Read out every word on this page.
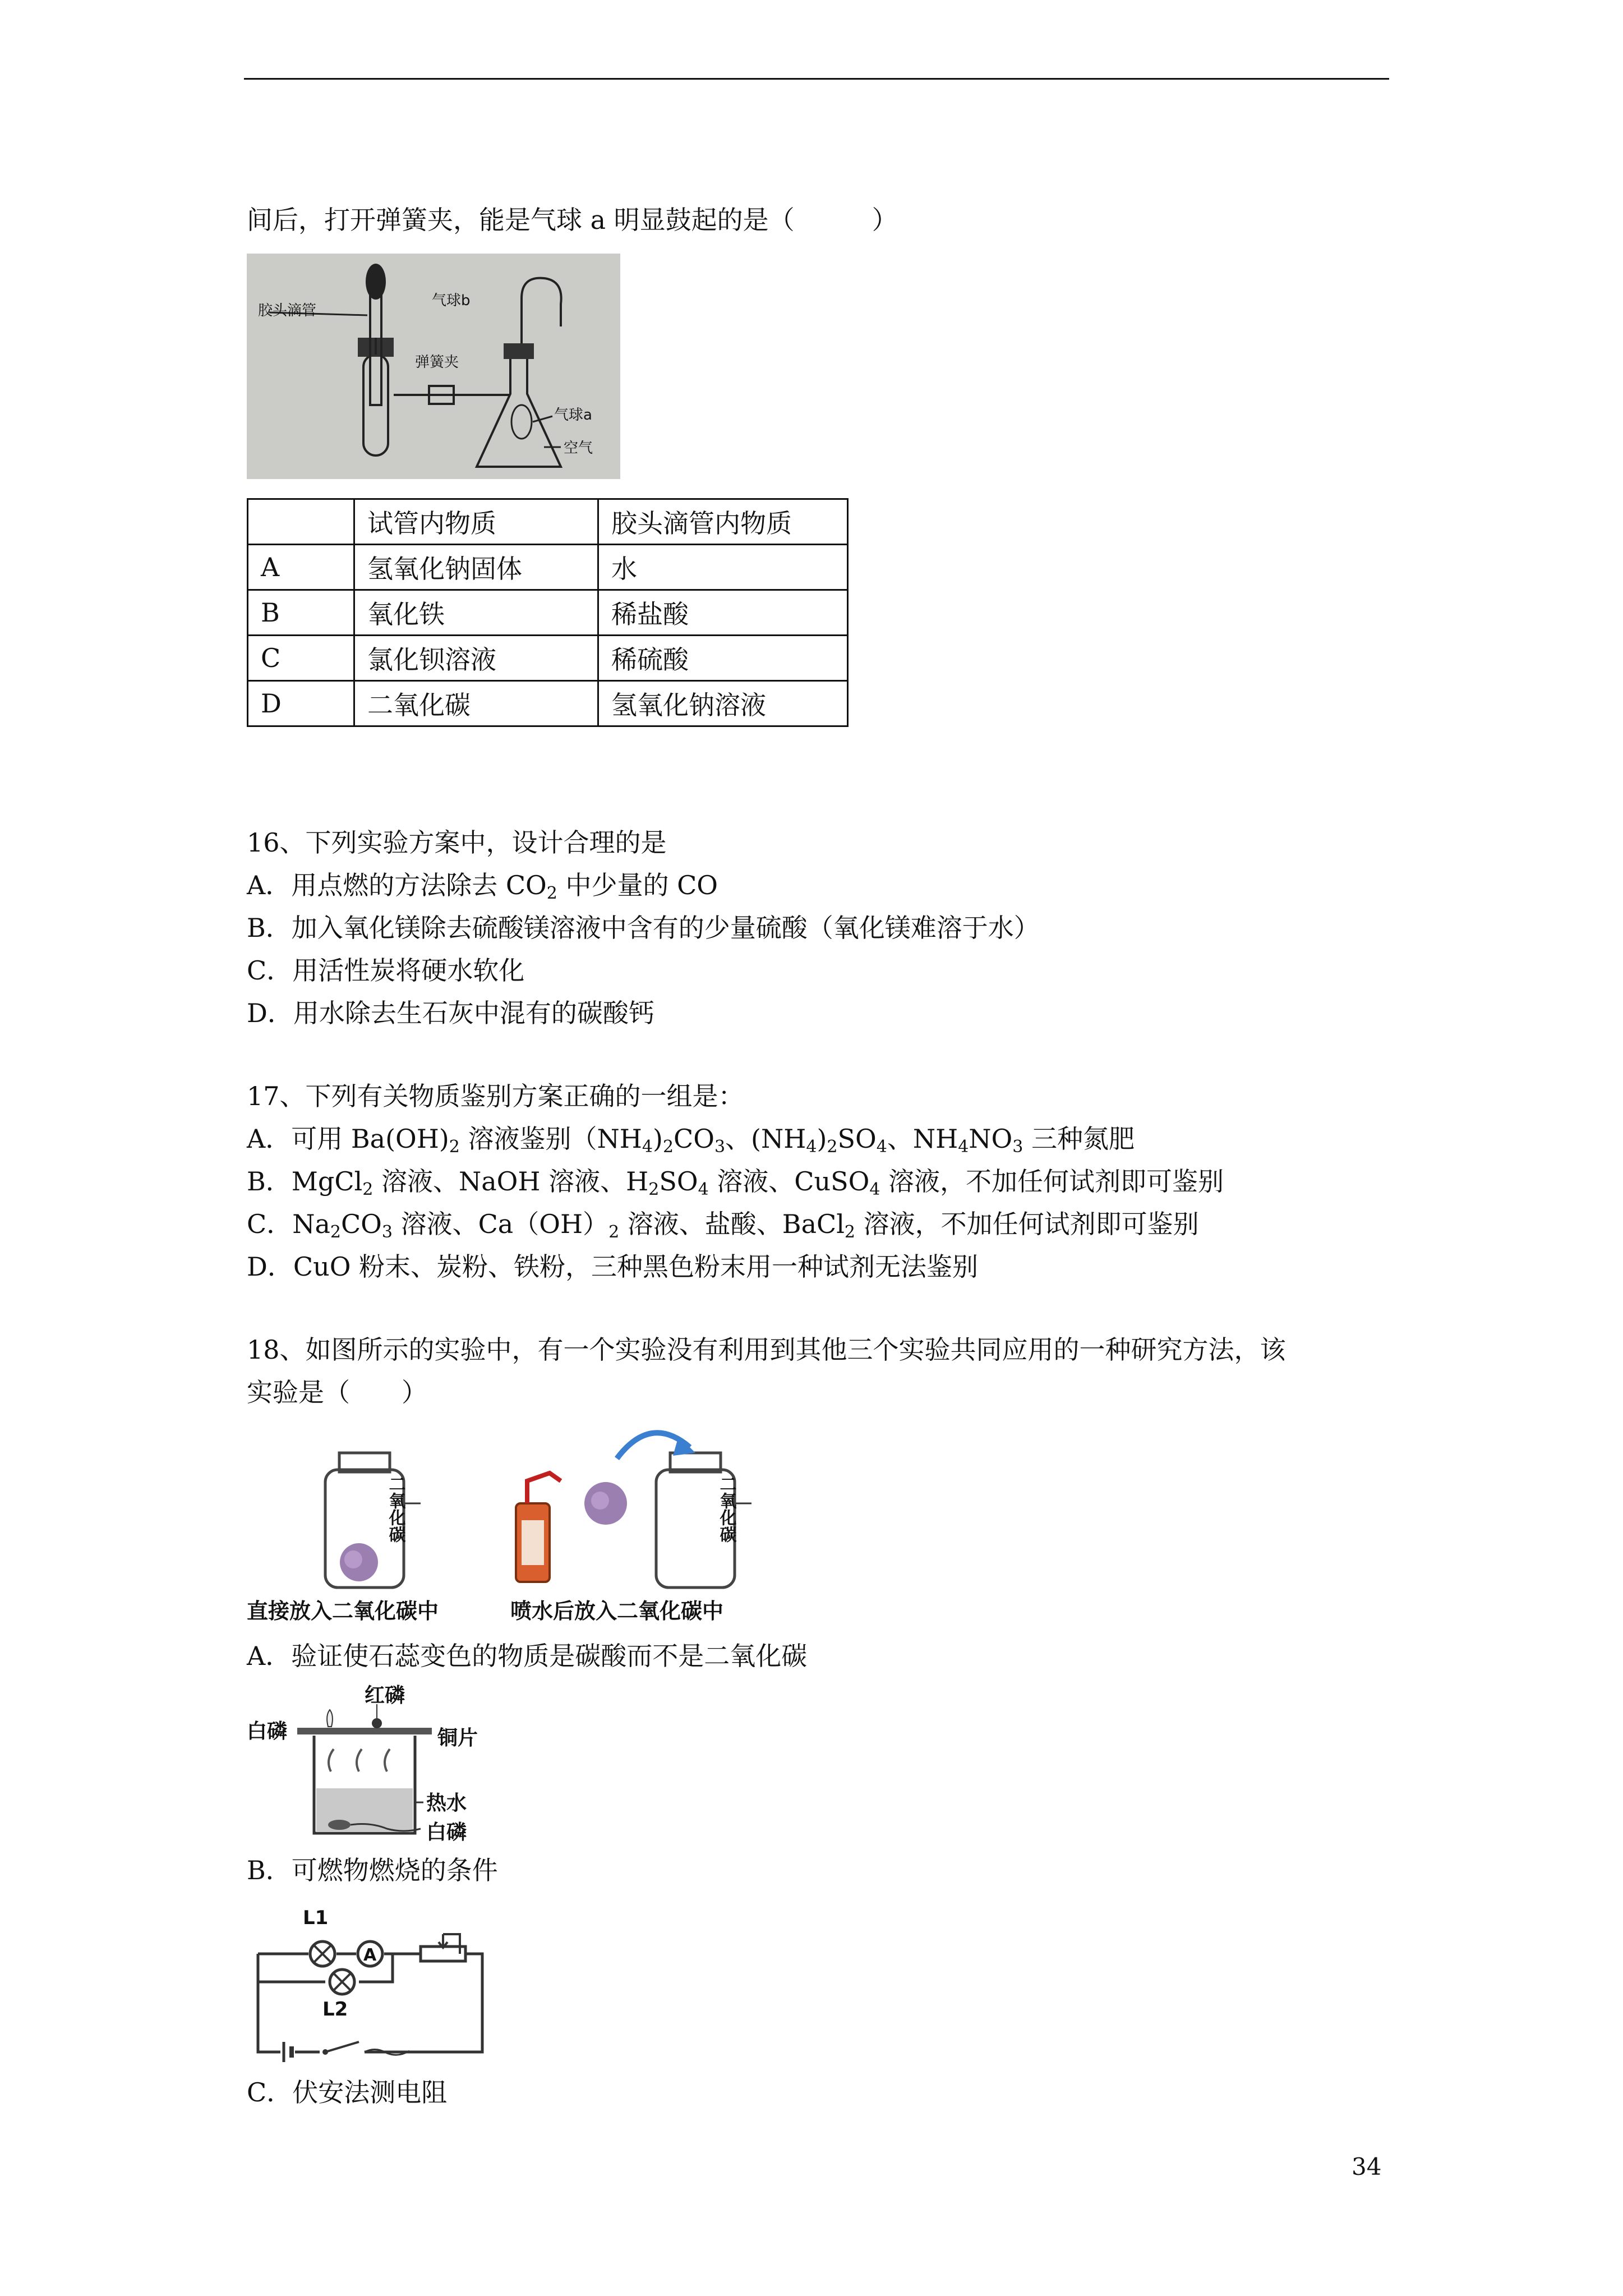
间后，打开弹簧夹，能是气球 a 明显鼓起的是（　　　）
胶头滴管
弹簧夹
气球b
气球a
空气
	试管内物质	胶头滴管内物质
A	氢氧化钠固体	水
B	氧化铁	稀盐酸
C	氯化钡溶液	稀硫酸
D	二氧化碳	氢氧化钠溶液
16、下列实验方案中，设计合理的是
A．用点燃的方法除去 $CO_2$ 中少量的 CO
B．加入氧化镁除去硫酸镁溶液中含有的少量硫酸（氧化镁难溶于水）
C．用活性炭将硬水软化
D．用水除去生石灰中混有的碳酸钙
17、下列有关物质鉴别方案正确的一组是：
A．可用 $Ba(OH)_2$ 溶液鉴别$(NH_4)_2CO_3$、$(NH_4)_2SO_4$、$NH_4NO_3$ 三种氮肥
B．MgCl$_2$ 溶液、NaOH 溶液、$H_2SO_4$ 溶液、CuSO$_4$ 溶液，不加任何试剂即可鉴别
C．$Na_2CO_3$ 溶液、$Ca(OH)_2$ 溶液、盐酸、BaCl$_2$ 溶液，不加任何试剂即可鉴别
D．CuO 粉末、炭粉、铁粉，三种黑色粉末用一种试剂无法鉴别
18、如图所示的实验中，有一个实验没有利用到其他三个实验共同应用的一种研究方法，该
实验是（　　）
二氧化碳	二氧化碳
直接放入二氧化碳中	喷水后放入二氧化碳中
A．验证使石蕊变色的物质是碳酸而不是二氧化碳
红磷
白磷	铜片
热水
白磷
B．可燃物燃烧的条件
L1
A
L2
C．伏安法测电阻
34
